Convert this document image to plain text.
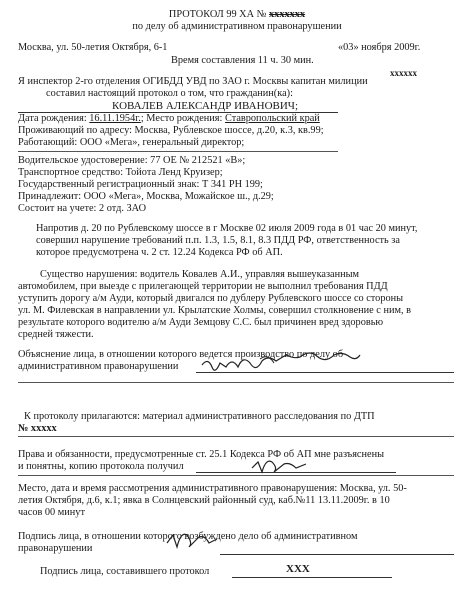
ПРОТОКОЛ 99 ХА № xxxxxxx
по делу об административном правонарушении
Москва, ул. 50-летия Октября, 6-1	«03» ноября 2009г.
Время составления 11 ч. 30 мин.
xxxxxx
Я инспектор 2-го отделения ОГИБДД УВД по ЗАО г. Москвы капитан милиции
составил настоящий протокол о том, что гражданин(ка):
КОВАЛЕВ АЛЕКСАНДР ИВАНОВИЧ;
Дата рождения: 16.11.1954г.; Место рождения: Ставропольский край
Проживающий по адресу: Москва, Рублевское шоссе, д.20, к.3, кв.99;
Работающий: ООО «Мега», генеральный директор;
Водительское удостоверение: 77 ОЕ № 212521 «В»;
Транспортное средство: Тойота Ленд Круизер;
Государственный регистрационный знак: Т 341 РН 199;
Принадлежит: ООО «Мега», Москва, Можайское ш., д.29;
Состоит на учете: 2 отд. ЗАО
Напротив д. 20 по Рублевскому шоссе в г Москве 02 июля 2009 года в 01 час 20 минут,
совершил нарушение требований п.п. 1.3, 1.5, 8.1, 8.3 ПДД РФ, ответственность за
которое предусмотрена ч. 2 ст. 12.24 Кодекса РФ об АП.
Существо нарушения: водитель Ковалев А.И., управляя вышеуказанным
автомобилем, при выезде с прилегающей территории не выполнил требования ПДД
уступить дорогу а/м Ауди, который двигался по дублеру Рублевского шоссе со стороны
ул. М. Филевская в направлении ул. Крылатские Холмы, совершил столкновение с ним, в
результате которого водителю а/м Ауди Земцову С.С. был причинен вред здоровью
средней тяжести.
Объяснение лица, в отношении которого ведется производство по делу об
административном правонарушении
К протоколу прилагаются: материал административного расследования по ДТП
№ xxxxx
Права и обязанности, предусмотренные ст. 25.1 Кодекса РФ об АП мне разъяснены
и понятны, копию протокола получил
Место, дата и время рассмотрения административного правонарушения: Москва, ул. 50-
летия Октября, д.6, к.1; явка в Солнцевский районный суд, каб.№11 13.11.2009г. в 10
часов 00 минут
Подпись лица, в отношении которого возбуждено дело об административном
правонарушении
Подпись лица, составившего протокол	XXX
